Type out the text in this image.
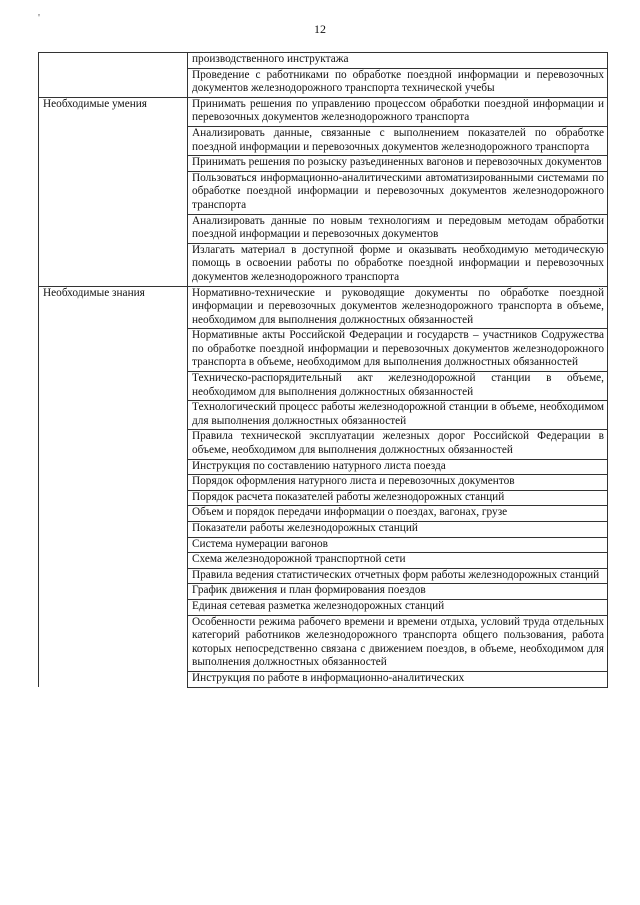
'
12
	производственного инструктажа
	Проведение с работниками по обработке поездной информации и перевозочных документов железнодорожного транспорта технической учебы
Необходимые умения	Принимать решения по управлению процессом обработки поездной информации и перевозочных документов железнодорожного транспорта
	Анализировать данные, связанные с выполнением показателей по обработке поездной информации и перевозочных документов железнодорожного транспорта
	Принимать решения по розыску разъединенных вагонов и перевозочных документов
	Пользоваться информационно-аналитическими автоматизированными системами по обработке поездной информации и перевозочных документов железнодорожного транспорта
	Анализировать данные по новым технологиям и передовым методам обработки поездной информации и перевозочных документов
	Излагать материал в доступной форме и оказывать необходимую методическую помощь в освоении работы по обработке поездной информации и перевозочных документов железнодорожного транспорта
Необходимые знания	Нормативно-технические и руководящие документы по обработке поездной информации и перевозочных документов железнодорожного транспорта в объеме, необходимом для выполнения должностных обязанностей
	Нормативные акты Российской Федерации и государств – участников Содружества по обработке поездной информации и перевозочных документов железнодорожного транспорта в объеме, необходимом для выполнения должностных обязанностей
	Техническо-распорядительный акт железнодорожной станции в объеме, необходимом для выполнения должностных обязанностей
	Технологический процесс работы железнодорожной станции в объеме, необходимом для выполнения должностных обязанностей
	Правила технической эксплуатации железных дорог Российской Федерации в объеме, необходимом для выполнения должностных обязанностей
	Инструкция по составлению натурного листа поезда
	Порядок оформления натурного листа и перевозочных документов
	Порядок расчета показателей работы железнодорожных станций
	Объем и порядок передачи информации о поездах, вагонах, грузе
	Показатели работы железнодорожных станций
	Система нумерации вагонов
	Схема железнодорожной транспортной сети
	Правила ведения статистических отчетных форм работы железнодорожных станций
	График движения и план формирования поездов
	Единая сетевая разметка железнодорожных станций
	Особенности режима рабочего времени и времени отдыха, условий труда отдельных категорий работников железнодорожного транспорта общего пользования, работа которых непосредственно связана с движением поездов, в объеме, необходимом для выполнения должностных обязанностей
	Инструкция по работе в информационно-аналитических
